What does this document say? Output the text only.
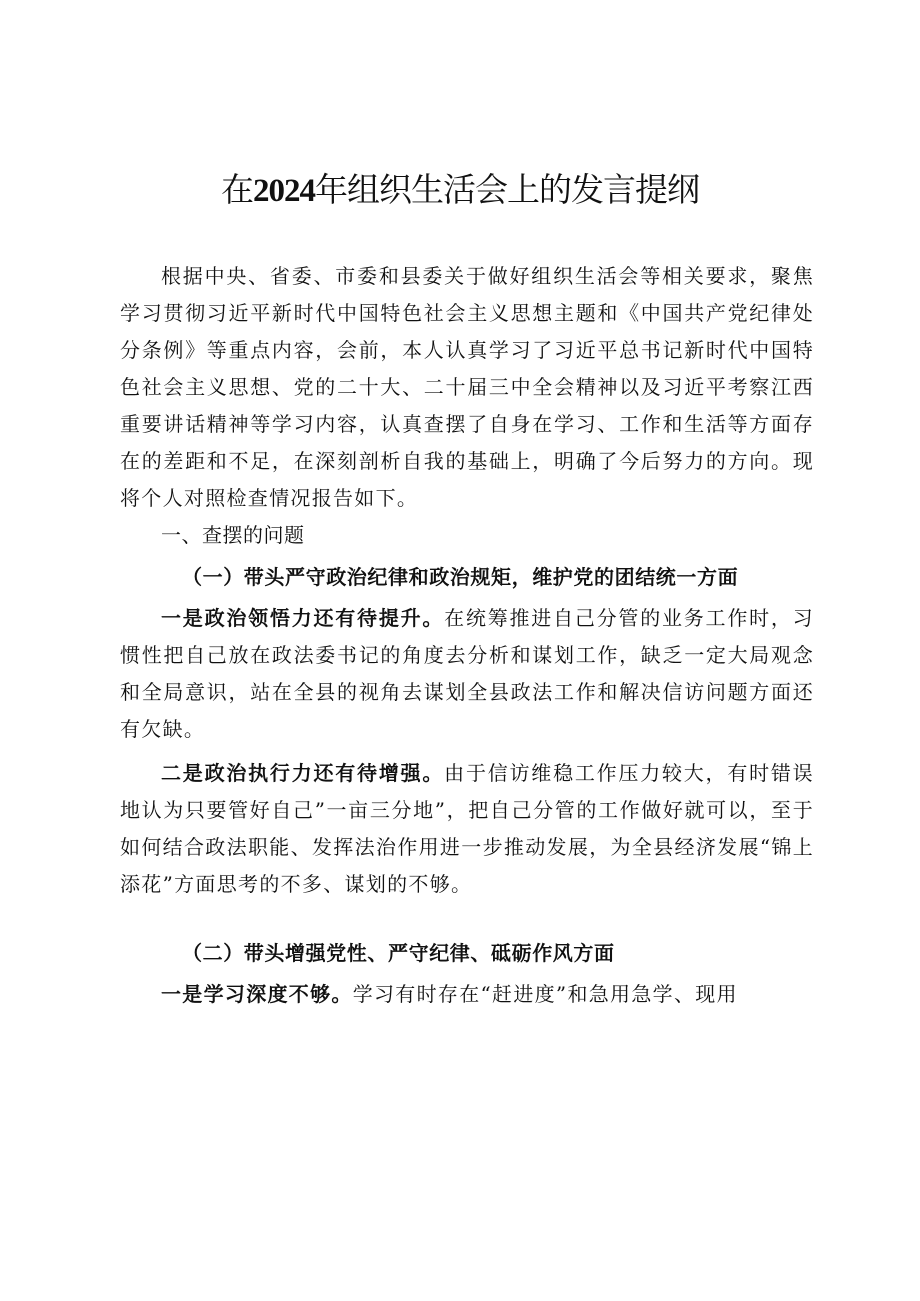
在2024年组织生活会上的发言提纲

根据中央、省委、市委和县委关于做好组织生活会等相关要求，聚焦学习贯彻习近平新时代中国特色社会主义思想主题和《中国共产党纪律处分条例》等重点内容，会前，本人认真学习了习近平总书记新时代中国特色社会主义思想、党的二十大、二十届三中全会精神以及习近平考察江西重要讲话精神等学习内容，认真查摆了自身在学习、工作和生活等方面存在的差距和不足，在深刻剖析自我的基础上，明确了今后努力的方向。现将个人对照检查情况报告如下。

一、查摆的问题

（一）带头严守政治纪律和政治规矩，维护党的团结统一方面

一是政治领悟力还有待提升。在统筹推进自己分管的业务工作时，习惯性把自己放在政法委书记的角度去分析和谋划工作，缺乏一定大局观念和全局意识，站在全县的视角去谋划全县政法工作和解决信访问题方面还有欠缺。

二是政治执行力还有待增强。由于信访维稳工作压力较大，有时错误地认为只要管好自己”一亩三分地”，把自己分管的工作做好就可以，至于如何结合政法职能、发挥法治作用进一步推动发展，为全县经济发展“锦上添花”方面思考的不多、谋划的不够。

（二）带头增强党性、严守纪律、砥砺作风方面

一是学习深度不够。学习有时存在“赶进度”和急用急学、现用
